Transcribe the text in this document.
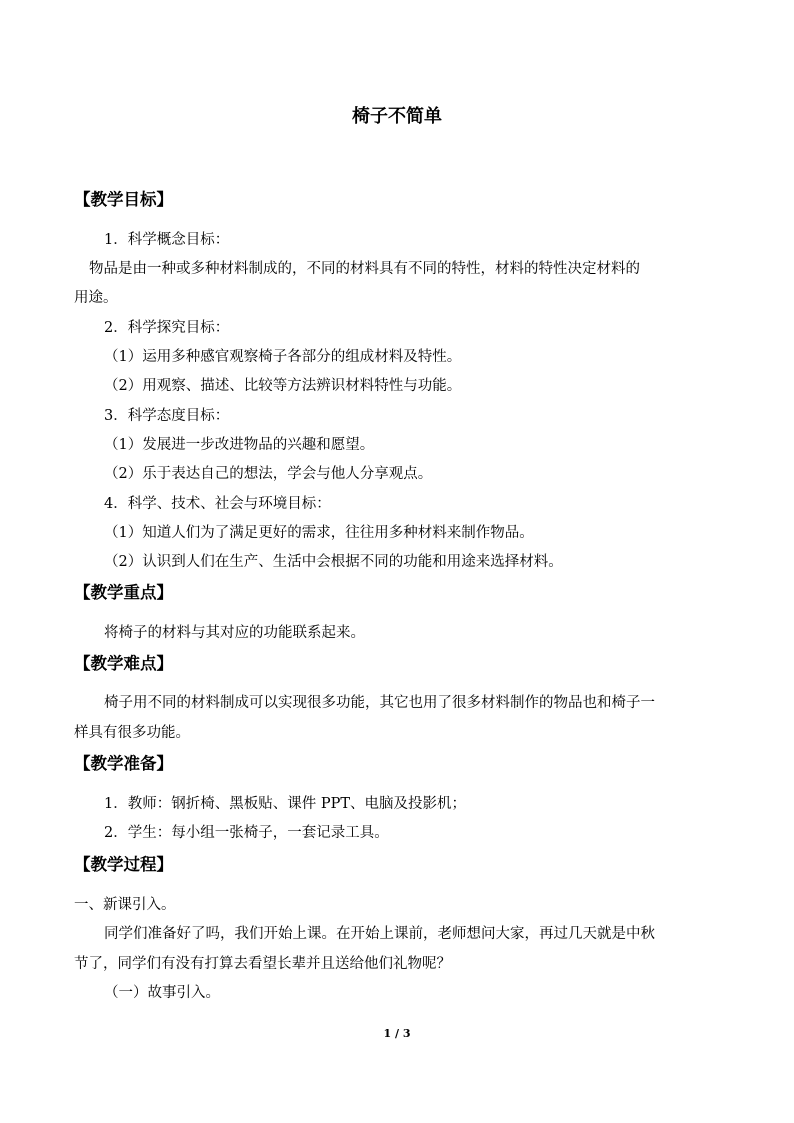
椅子不简单
【教学目标】
1．科学概念目标：
物品是由一种或多种材料制成的，不同的材料具有不同的特性，材料的特性决定材料的
用途。
2．科学探究目标：
（1）运用多种感官观察椅子各部分的组成材料及特性。
（2）用观察、描述、比较等方法辨识材料特性与功能。
3．科学态度目标：
（1）发展进一步改进物品的兴趣和愿望。
（2）乐于表达自己的想法，学会与他人分享观点。
4．科学、技术、社会与环境目标：
（1）知道人们为了满足更好的需求，往往用多种材料来制作物品。
（2）认识到人们在生产、生活中会根据不同的功能和用途来选择材料。
【教学重点】
将椅子的材料与其对应的功能联系起来。
【教学难点】
椅子用不同的材料制成可以实现很多功能，其它也用了很多材料制作的物品也和椅子一
样具有很多功能。
【教学准备】
1．教师：钢折椅、黑板贴、课件 PPT、电脑及投影机；
2．学生：每小组一张椅子，一套记录工具。
【教学过程】
一、新课引入。
同学们准备好了吗，我们开始上课。在开始上课前，老师想问大家，再过几天就是中秋
节了，同学们有没有打算去看望长辈并且送给他们礼物呢？
（一）故事引入。
1 / 3
